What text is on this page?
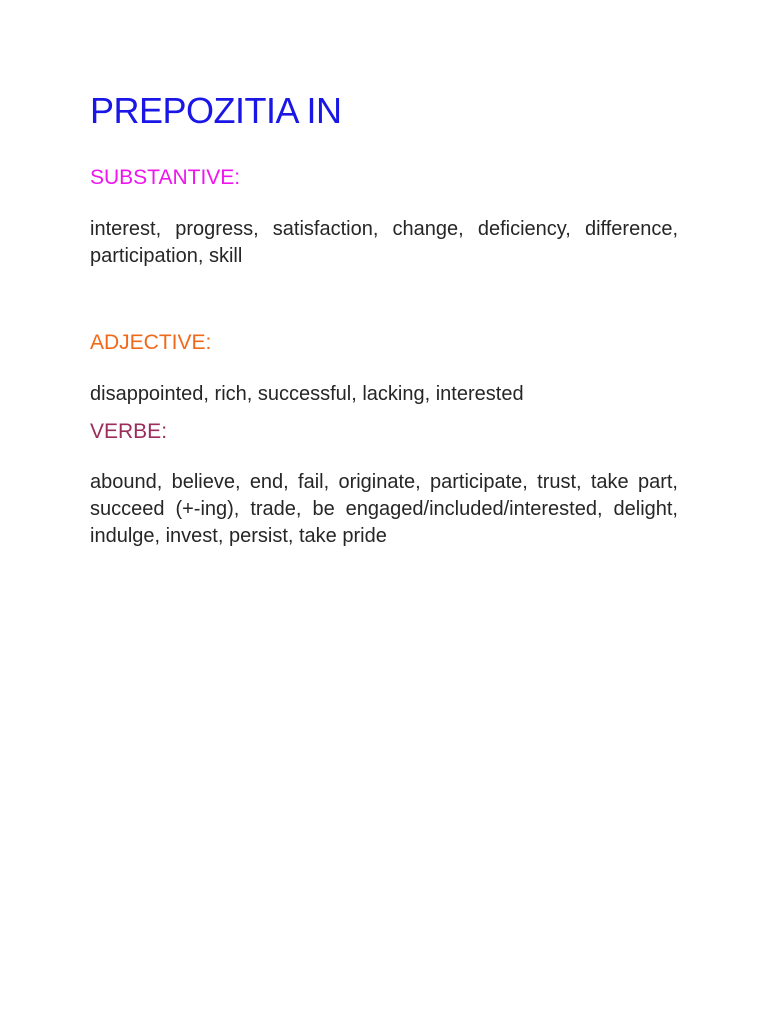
PREPOZITIA IN
SUBSTANTIVE:

interest, progress, satisfaction, change, deficiency, difference, participation, skill

ADJECTIVE:

disappointed, rich, successful, lacking, interested

VERBE:

abound, believe, end, fail, originate, participate, trust, take part, succeed (+-ing), trade, be engaged/included/interested, delight, indulge, invest, persist, take pride
